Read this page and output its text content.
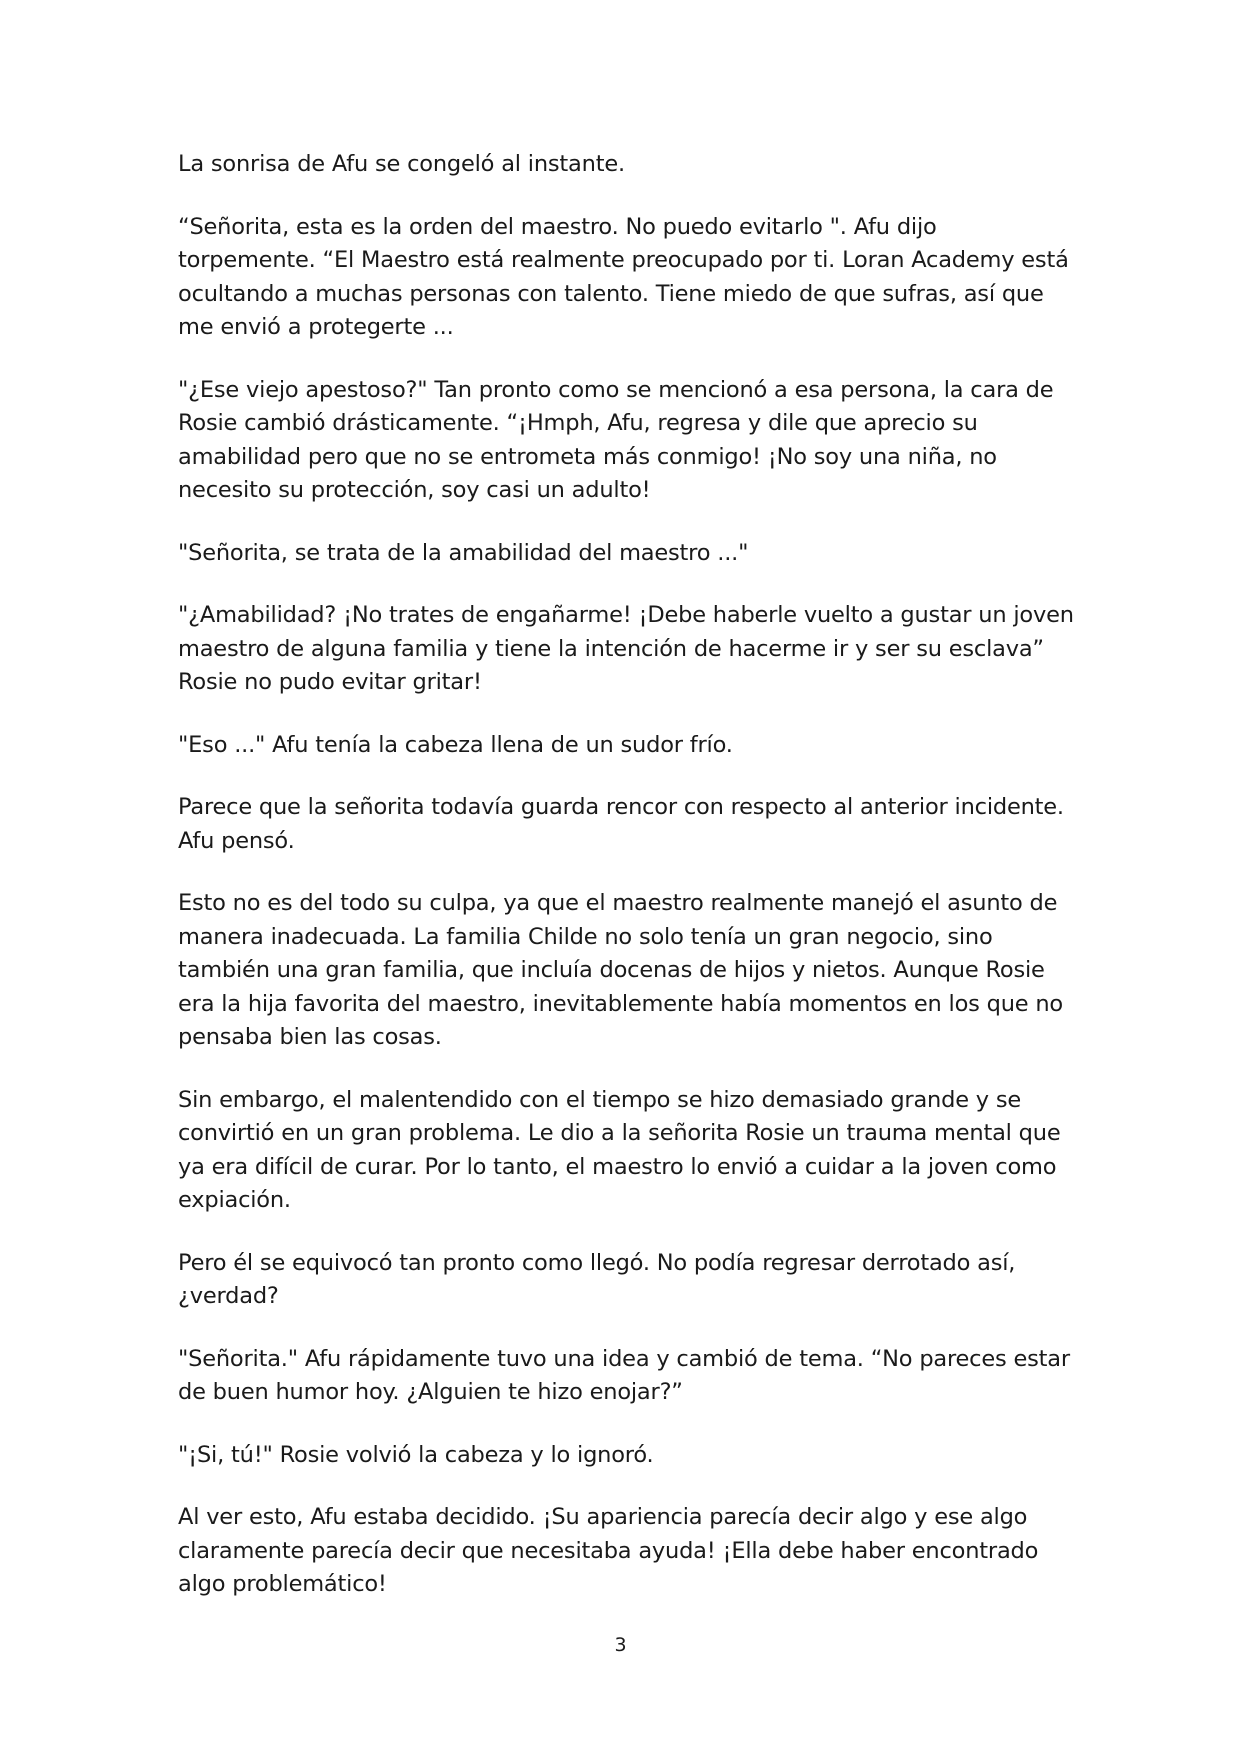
La sonrisa de Afu se congeló al instante.

“Señorita, esta es la orden del maestro. No puedo evitarlo ". Afu dijo torpemente. “El Maestro está realmente preocupado por ti. Loran Academy está ocultando a muchas personas con talento. Tiene miedo de que sufras, así que me envió a protegerte ...

"¿Ese viejo apestoso?" Tan pronto como se mencionó a esa persona, la cara de Rosie cambió drásticamente. “¡Hmph, Afu, regresa y dile que aprecio su amabilidad pero que no se entrometa más conmigo! ¡No soy una niña, no necesito su protección, soy casi un adulto!

"Señorita, se trata de la amabilidad del maestro ..."

"¿Amabilidad? ¡No trates de engañarme! ¡Debe haberle vuelto a gustar un joven maestro de alguna familia y tiene la intención de hacerme ir y ser su esclava” Rosie no pudo evitar gritar!

"Eso ..." Afu tenía la cabeza llena de un sudor frío.

Parece que la señorita todavía guarda rencor con respecto al anterior incidente. Afu pensó.

Esto no es del todo su culpa, ya que el maestro realmente manejó el asunto de manera inadecuada. La familia Childe no solo tenía un gran negocio, sino también una gran familia, que incluía docenas de hijos y nietos. Aunque Rosie era la hija favorita del maestro, inevitablemente había momentos en los que no pensaba bien las cosas.

Sin embargo, el malentendido con el tiempo se hizo demasiado grande y se convirtió en un gran problema. Le dio a la señorita Rosie un trauma mental que ya era difícil de curar. Por lo tanto, el maestro lo envió a cuidar a la joven como expiación.

Pero él se equivocó tan pronto como llegó. No podía regresar derrotado así, ¿verdad?

"Señorita." Afu rápidamente tuvo una idea y cambió de tema. “No pareces estar de buen humor hoy. ¿Alguien te hizo enojar?”

"¡Si, tú!" Rosie volvió la cabeza y lo ignoró.

Al ver esto, Afu estaba decidido. ¡Su apariencia parecía decir algo y ese algo claramente parecía decir que necesitaba ayuda! ¡Ella debe haber encontrado algo problemático!

3
